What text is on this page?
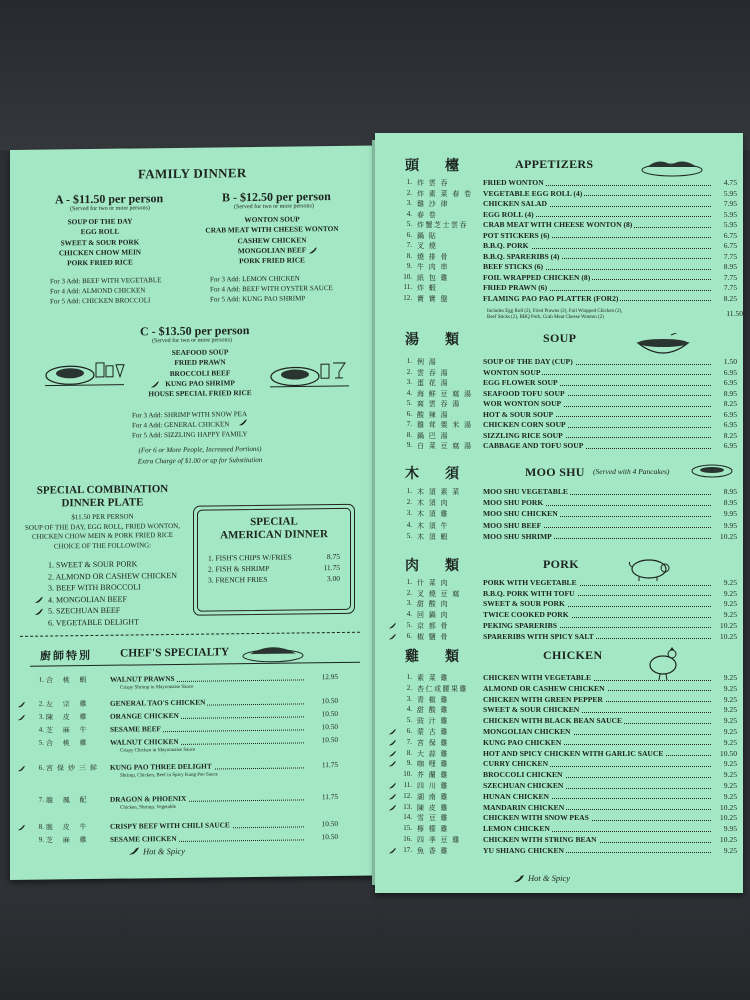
FAMILY DINNER
A - $11.50 per person
(Served for two or more persons)
SOUP OF THE DAY
EGG ROLL
SWEET & SOUR PORK
CHICKEN CHOW MEIN
PORK FRIED RICE
For 3 Add: BEEF WITH VEGETABLE
For 4 Add: ALMOND CHICKEN
For 5 Add: CHICKEN BROCCOLI
B - $12.50 per person
(Served for two or more persons)
WONTON SOUP
CRAB MEAT WITH CHEESE WONTON
CASHEW CHICKEN
MONGOLIAN BEEF
PORK FRIED RICE
For 3 Add: LEMON CHICKEN
For 4 Add: BEEF WITH OYSTER SAUCE
For 5 Add: KUNG PAO SHRIMP
C - $13.50 per person
(Served for two or more persons)
SEAFOOD SOUP
FRIED PRAWN
BROCCOLI BEEF
KUNG PAO SHRIMP
HOUSE SPECIAL FRIED RICE
For 3 Add: SHRIMP WITH SNOW PEA
For 4 Add: GENERAL CHICKEN
For 5 Add: SIZZLING HAPPY FAMILY
(For 6 or More People, Increased Portions)
Extra Charge of $1.00 or up for Substitution
SPECIAL COMBINATION
DINNER PLATE
$11.50 PER PERSON
SOUP OF THE DAY, EGG ROLL, FRIED WONTON,
CHICKEN CHOW MEIN & PORK FRIED RICE
CHOICE OF THE FOLLOWING:
1. SWEET & SOUR PORK
2. ALMOND OR CASHEW CHICKEN
3. BEEF WITH BROCCOLI
4. MONGOLIAN BEEF
5. SZECHUAN BEEF
6. VEGETABLE DELIGHT
SPECIAL
AMERICAN DINNER
1. FISH'S CHIPS W/FRIES	8.75
2. FISH & SHRIMP	11.75
3. FRENCH FRIES	3.00
廚師特別 CHEF'S SPECIALTY
1. 合 桃 蝦	WALNUT PRAWNS	12.95
Crispy Shrimp in Mayonnaise Sauce
2. 左 宗 雞	GENERAL TAO'S CHICKEN	10.50
3. 陳 皮 雞	ORANGE CHICKEN	10.50
4. 芝 麻 牛	SESAME BEEF	10.50
5. 合 桃 雞	WALNUT CHICKEN	10.50
Crispy Chicken in Mayonnaise Sauce
6. 宮保炒三鮮	KUNG PAO THREE DELIGHT	11.75
Shrimp, Chicken, Beef in Spicy Kung Pao Sauce
7. 龍 鳳 配	DRAGON & PHOENIX	11.75
Chicken, Shrimp, Vegetable
8. 脆 皮 牛	CRISPY BEEF WITH CHILI SAUCE	10.50
9. 芝 麻 雞	SESAME CHICKEN	10.50
Hot & Spicy
頭檯	APPETIZERS
1. 炸 雲 吞	FRIED WONTON	4.75
2. 炸 素 菜 春 卷	VEGETABLE EGG ROLL (4)	5.95
3. 雞 沙 律	CHICKEN SALAD	7.95
4. 春 卷	EGG ROLL (4)	5.95
5. 炸蟹芝士雲吞	CRAB MEAT WITH CHEESE WONTON (8)	5.95
6. 鍋 貼	POT STICKERS (6)	6.75
7. 叉 燒	B.B.Q. PORK	6.75
8. 燒 排 骨	B.B.Q. SPARERIBS (4)	7.75
9. 牛 肉 串	BEEF STICKS (6)	8.95
10. 紙 包 雞	FOIL WRAPPED CHICKEN (8)	7.75
11. 炸 蝦	FRIED PRAWN (6)	7.75
12. 寶 寶 盤	FLAMING PAO PAO PLATTER (FOR2)	8.25
Includes Egg Roll (2), Fried Prawns (2), Foil Wrapped Chicken (2),
Beef Sticks (2), BBQ Pork, Crab Meat Cheese Wonton (2)	11.50
湯類	SOUP
1. 例 湯	SOUP OF THE DAY (CUP)	1.50
2. 雲 吞 湯	WONTON SOUP	6.95
3. 蛋 花 湯	EGG FLOWER SOUP	6.95
4. 海 鮮 豆 腐 湯	SEAFOOD TOFU SOUP	8.95
5. 窩 雲 吞 湯	WOR WONTON SOUP	8.25
6. 酸 辣 湯	HOT & SOUR SOUP	6.95
7. 雞 茸 粟 米 湯	CHICKEN CORN SOUP	6.95
8. 鍋 巴 湯	SIZZLING RICE SOUP	8.25
9. 白 菜 豆 腐 湯	CABBAGE AND TOFU SOUP	6.95
(Served with 4 Pancakes)
木須	MOO SHU
1. 木 須 素 菜	MOO SHU VEGETABLE	8.95
2. 木 須 肉	MOO SHU PORK	8.95
3. 木 須 雞	MOO SHU CHICKEN	9.95
4. 木 須 牛	MOO SHU BEEF	9.95
5. 木 須 蝦	MOO SHU SHRIMP	10.25
肉類	PORK
1. 什 菜 肉	PORK WITH VEGETABLE	9.25
2. 叉 燒 豆 腐	B.B.Q. PORK WITH TOFU	9.25
3. 甜 酸 肉	SWEET & SOUR PORK	9.25
4. 回 鍋 肉	TWICE COOKED PORK	9.25
5. 京 都 骨	PEKING SPARERIBS	10.25
6. 椒 鹽 骨	SPARERIBS WITH SPICY SALT	10.25
雞類	CHICKEN
1. 素 菜 雞	CHICKEN WITH VEGETABLE	9.25
2. 杏仁或腰果雞	ALMOND OR CASHEW CHICKEN	9.25
3. 青 椒 雞	CHICKEN WITH GREEN PEPPER	9.25
4. 甜 酸 雞	SWEET & SOUR CHICKEN	9.25
5. 豉 汁 雞	CHICKEN WITH BLACK BEAN SAUCE	9.25
6. 蒙 古 雞	MONGOLIAN CHICKEN	9.25
7. 宮 保 雞	KUNG PAO CHICKEN	9.25
8. 大 蒜 雞	HOT AND SPICY CHICKEN WITH GARLIC SAUCE	10.50
9. 咖 哩 雞	CURRY CHICKEN	9.25
10. 芥 蘭 雞	BROCCOLI CHICKEN	9.25
11. 四 川 雞	SZECHUAN CHICKEN	9.25
12. 湖 南 雞	HUNAN CHICKEN	9.25
13. 陳 皮 雞	MANDARIN CHICKEN	10.25
14. 雪 豆 雞	CHICKEN WITH SNOW PEAS	10.25
15. 檸 檬 雞	LEMON CHICKEN	9.95
16. 四 季 豆 雞	CHICKEN WITH STRING BEAN	10.25
17. 魚 香 雞	YU SHIANG CHICKEN	9.25
Hot & Spicy
